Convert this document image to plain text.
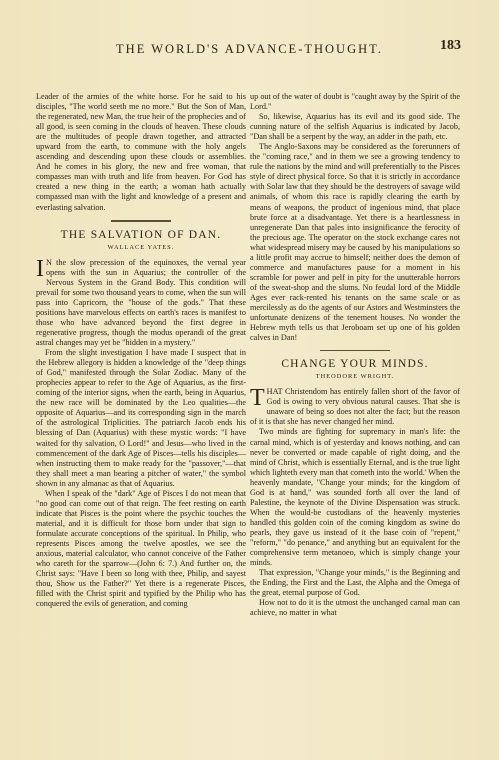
THE WORLD'S ADVANCE-THOUGHT.	183

Leader of the armies of the white horse. For he said to his disciples, "The world seeth me no more." But the Son of Man, the regenerated, new Man, the true heir of the prophecies and of all good, is seen coming in the clouds of heaven. These clouds are the multitudes of people drawn together, and attracted upward from the earth, to commune with the holy angels ascending and descending upon these clouds or assemblies. And he comes in his glory, the new and free woman, that compasses man with truth and life from heaven. For God has created a new thing in the earth; a woman hath actually compassed man with the light and knowledge of a present and everlasting salvation.

THE SALVATION OF DAN.
WALLACE YATES.

I N the slow precession of the equinoxes, the vernal year opens with the sun in Aquarius; the controller of the Nervous System in the Grand Body. This condition will prevail for some two thousand years to come, when the sun will pass into Capricorn, the "house of the gods." That these positions have marvelous effects on earth's races is manifest to those who have advanced beyond the first degree in regenerative progress, though the modus operandi of the great astral changes may yet be "hidden in a mystery."

From the slight investigation I have made I suspect that in the Hebrew allegory is hidden a knowledge of the "deep things of God," manifested through the Solar Zodiac. Many of the prophecies appear to refer to the Age of Aquarius, as the first-coming of the interior signs, when the earth, being in Aquarius, the new race will be dominated by the Leo qualities—the opposite of Aquarius—and its corresponding sign in the march of the astrological Triplicities. The patriarch Jacob ends his blessing of Dan (Aquarius) with these mystic words: "I have waited for thy salvation, O Lord!" and Jesus—who lived in the commencement of the dark Age of Pisces—tells his disciples—when instructing them to make ready for the "passover,"—that they shall meet a man bearing a pitcher of water," the symbol shown in any almanac as that of Aquarius.

When I speak of the "dark" Age of Pisces I do not mean that "no good can come out of that reign. The feet resting on earth indicate that Pisces is the point where the psychic touches the material, and it is difficult for those born under that sign to formulate accurate conceptions of the spiritual. In Philip, who represents Pisces among the twelve apostles, we see the anxious, material calculator, who cannot conceive of the Father who careth for the sparrow—(John 6: 7.) And further on, the Christ says: "Have I been so long with thee, Philip, and sayest thou, Show us the Father?" Yet there is a regenerate Pisces, filled with the Christ spirit and typified by the Philip who has conquered the evils of generation, and coming

up out of the water of doubt is "caught away by the Spirit of the Lord."

So, likewise, Aquarius has its evil and its good side. The cunning nature of the selfish Aquarius is indicated by Jacob, "Dan shall be a serpent by the way, an adder in the path, etc.

The Anglo-Saxons may be considered as the forerunners of the "coming race," and in them we see a growing tendency to rule the nations by the mind and will preferentially to the Pisces style of direct physical force. So that it is strictly in accordance with Solar law that they should be the destroyers of savage wild animals, of whom this race is rapidly clearing the earth by means of weapons, the product of ingenious mind, that place brute force at a disadvantage. Yet there is a heartlessness in unregenerate Dan that pales into insignificance the ferocity of the precious age. The operator on the stock exchange cares not what widespread misery may be caused by his manipulations so a little profit may accrue to himself; neither does the demon of commerce and manufactures pause for a moment in his scramble for power and pelf in pity for the unutterable horrors of the sweat-shop and the slums. No feudal lord of the Middle Ages ever rack-rented his tenants on the same scale or as mercilessly as do the agents of our Astors and Westminsters the unfortunate denizens of the tenement houses. No wonder the Hebrew myth tells us that Jeroboam set up one of his golden calves in Dan!

CHANGE YOUR MINDS.
THEODORE WRIGHT.

THAT Christendom has entirely fallen short of the favor of God is owing to very obvious natural causes. That she is unaware of being so does not alter the fact; but the reason of it is that she has never changed her mind.

Two minds are fighting for supremacy in man's life: the carnal mind, which is of yesterday and knows nothing, and can never be converted or made capable of right doing, and the mind of Christ, which is essentially Eternal, and is the true light which lighteth every man that cometh into the world.' When the heavenly mandate, "Change your minds; for the kingdom of God is at hand," was sounded forth all over the land of Palestine, the keynote of the Divine Dispensation was struck. When the would-be custodians of the heavenly mysteries handled this golden coin of the coming kingdom as swine do pearls, they gave us instead of it the base coin of "repent," "reform," "do penance," and anything but an equivalent for the comprehensive term metanoeo, which is simply change your minds.

That expression, "Change your minds," is the Beginning and the Ending, the First and the Last, the Alpha and the Omega of the great, eternal purpose of God.

How not to do it is the utmost the unchanged carnal man can achieve, no matter in what
